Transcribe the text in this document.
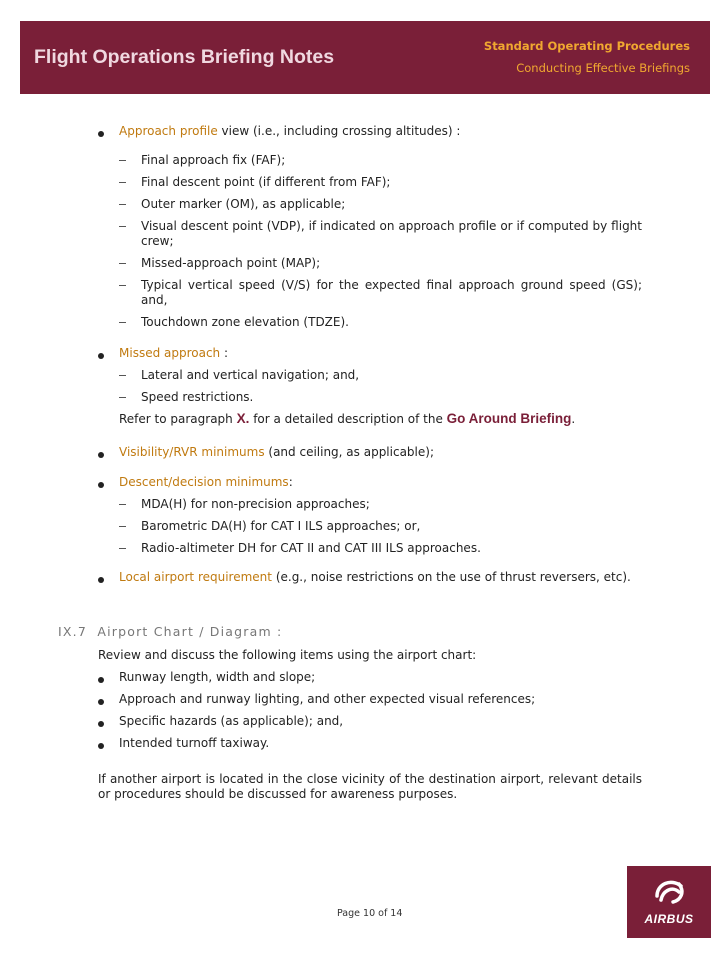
Flight Operations Briefing Notes	Standard Operating Procedures
Conducting Effective Briefings
Approach profile view (i.e., including crossing altitudes) :
Final approach fix (FAF);
Final descent point (if different from FAF);
Outer marker (OM), as applicable;
Visual descent point (VDP), if indicated on approach profile or if computed by flight crew;
Missed-approach point (MAP);
Typical vertical speed (V/S) for the expected final approach ground speed (GS); and,
Touchdown zone elevation (TDZE).
Missed approach :
Lateral and vertical navigation; and,
Speed restrictions.
Refer to paragraph X. for a detailed description of the Go Around Briefing.
Visibility/RVR minimums (and ceiling, as applicable);
Descent/decision minimums:
MDA(H) for non-precision approaches;
Barometric DA(H) for CAT I ILS approaches; or,
Radio-altimeter DH for CAT II and CAT III ILS approaches.
Local airport requirement (e.g., noise restrictions on the use of thrust reversers, etc).
IX.7 Airport Chart / Diagram :
Review and discuss the following items using the airport chart:
Runway length, width and slope;
Approach and runway lighting, and other expected visual references;
Specific hazards (as applicable); and,
Intended turnoff taxiway.
If another airport is located in the close vicinity of the destination airport, relevant details or procedures should be discussed for awareness purposes.
Page 10 of 14	AIRBUS
